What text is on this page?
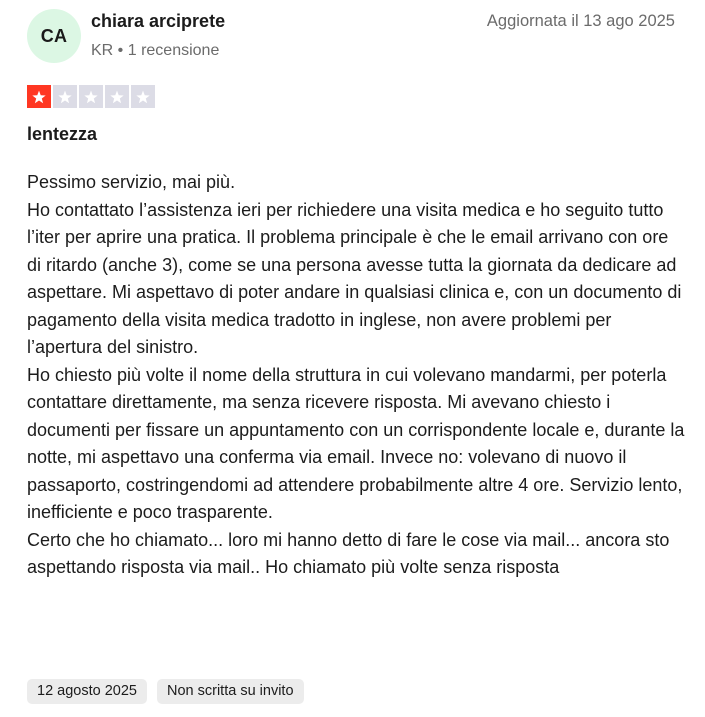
CA
chiara arciprete
KR • 1 recensione
Aggiornata il 13 ago 2025
lentezza

Pessimo servizio, mai più.

Ho contattato l’assistenza ieri per richiedere una visita medica e ho seguito tutto l’iter per aprire una pratica. Il problema principale è che le email arrivano con ore di ritardo (anche 3), come se una persona avesse tutta la giornata da dedicare ad aspettare. Mi aspettavo di poter andare in qualsiasi clinica e, con un documento di pagamento della visita medica tradotto in inglese, non avere problemi per l’apertura del sinistro.

Ho chiesto più volte il nome della struttura in cui volevano mandarmi, per poterla contattare direttamente, ma senza ricevere risposta. Mi avevano chiesto i documenti per fissare un appuntamento con un corrispondente locale e, durante la notte, mi aspettavo una conferma via email. Invece no: volevano di nuovo il passaporto, costringendomi ad attendere probabilmente altre 4 ore. Servizio lento, inefficiente e poco trasparente.

Certo che ho chiamato... loro mi hanno detto di fare le cose via mail... ancora sto aspettando risposta via mail.. Ho chiamato più volte senza risposta

12 agosto 2025	Non scritta su invito
